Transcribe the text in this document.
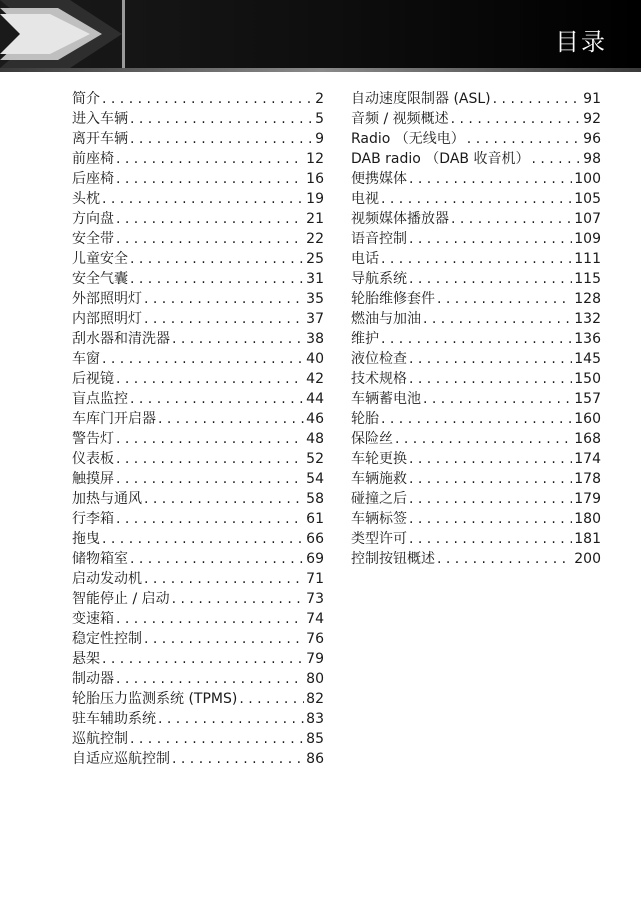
目录
简介 . . .	2
进入车辆 . . .	5
离开车辆 . . .	9
前座椅 . . .	12
后座椅 . . .	16
头枕 . . .	19
方向盘 . . .	21
安全带 . . .	22
儿童安全 . . .	25
安全气囊 . . .	31
外部照明灯 . . .	35
内部照明灯 . . .	37
刮水器和清洗器 . . .	38
车窗 . . .	40
后视镜 . . .	42
盲点监控 . . .	44
车库门开启器 . . .	46
警告灯 . . .	48
仪表板 . . .	52
触摸屏 . . .	54
加热与通风 . . .	58
行李箱 . . .	61
拖曳 . . .	66
储物箱室 . . .	69
启动发动机 . . .	71
智能停止 / 启动 . . .	73
变速箱 . . .	74
稳定性控制 . . .	76
悬架 . . .	79
制动器 . . .	80
轮胎压力监测系统 (TPMS) . . .	82
驻车辅助系统 . . .	83
巡航控制 . . .	85
自适应巡航控制 . . .	86
自动速度限制器 (ASL) . . .	91
音频 / 视频概述 . . .	92
Radio （无线电） . . .	96
DAB radio （DAB 收音机） . . .	98
便携媒体 . . .	100
电视 . . .	105
视频媒体播放器 . . .	107
语音控制 . . .	109
电话 . . .	111
导航系统 . . .	115
轮胎维修套件 . . .	128
燃油与加油 . . .	132
维护 . . .	136
液位检查 . . .	145
技术规格 . . .	150
车辆蓄电池 . . .	157
轮胎 . . .	160
保险丝 . . .	168
车轮更换 . . .	174
车辆施救 . . .	178
碰撞之后 . . .	179
车辆标签 . . .	180
类型许可 . . .	181
控制按钮概述 . . .	200
